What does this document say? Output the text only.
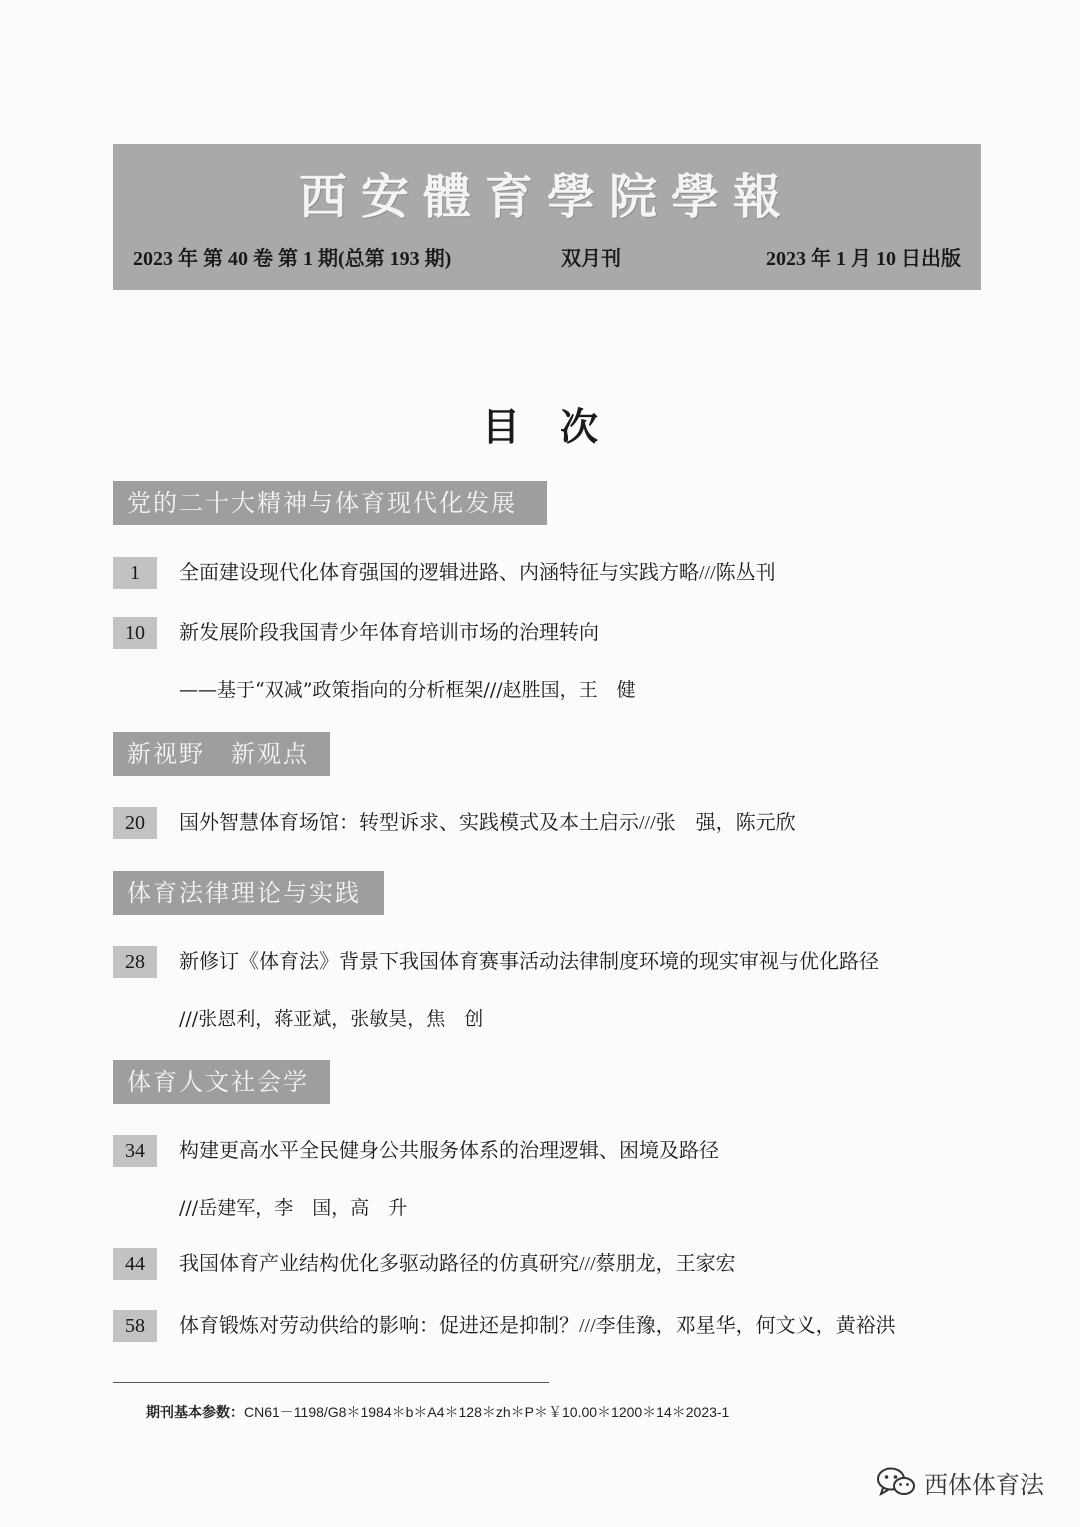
西安體育學院學報
2023 年 第 40 卷 第 1 期(总第 193 期)	双月刊	2023 年 1 月 10 日出版
目次
党的二十大精神与体育现代化发展
1	全面建设现代化体育强国的逻辑进路、内涵特征与实践方略///陈丛刊
10	新发展阶段我国青少年体育培训市场的治理转向
——基于“双减”政策指向的分析框架///赵胜国，王　健
新视野　新观点
20	国外智慧体育场馆：转型诉求、实践模式及本土启示///张　强，陈元欣
体育法律理论与实践
28	新修订《体育法》背景下我国体育赛事活动法律制度环境的现实审视与优化路径
///张恩利，蒋亚斌，张敏昊，焦　创
体育人文社会学
34	构建更高水平全民健身公共服务体系的治理逻辑、困境及路径
///岳建军，李　国，高　升
44	我国体育产业结构优化多驱动路径的仿真研究///蔡朋龙，王家宏
58	体育锻炼对劳动供给的影响：促进还是抑制？///李佳豫，邓星华，何文义，黄裕洪
期刊基本参数：CN61－1198/G8＊1984＊b＊A4＊128＊zh＊P＊￥10.00＊1200＊14＊2023-1
西体体育法
